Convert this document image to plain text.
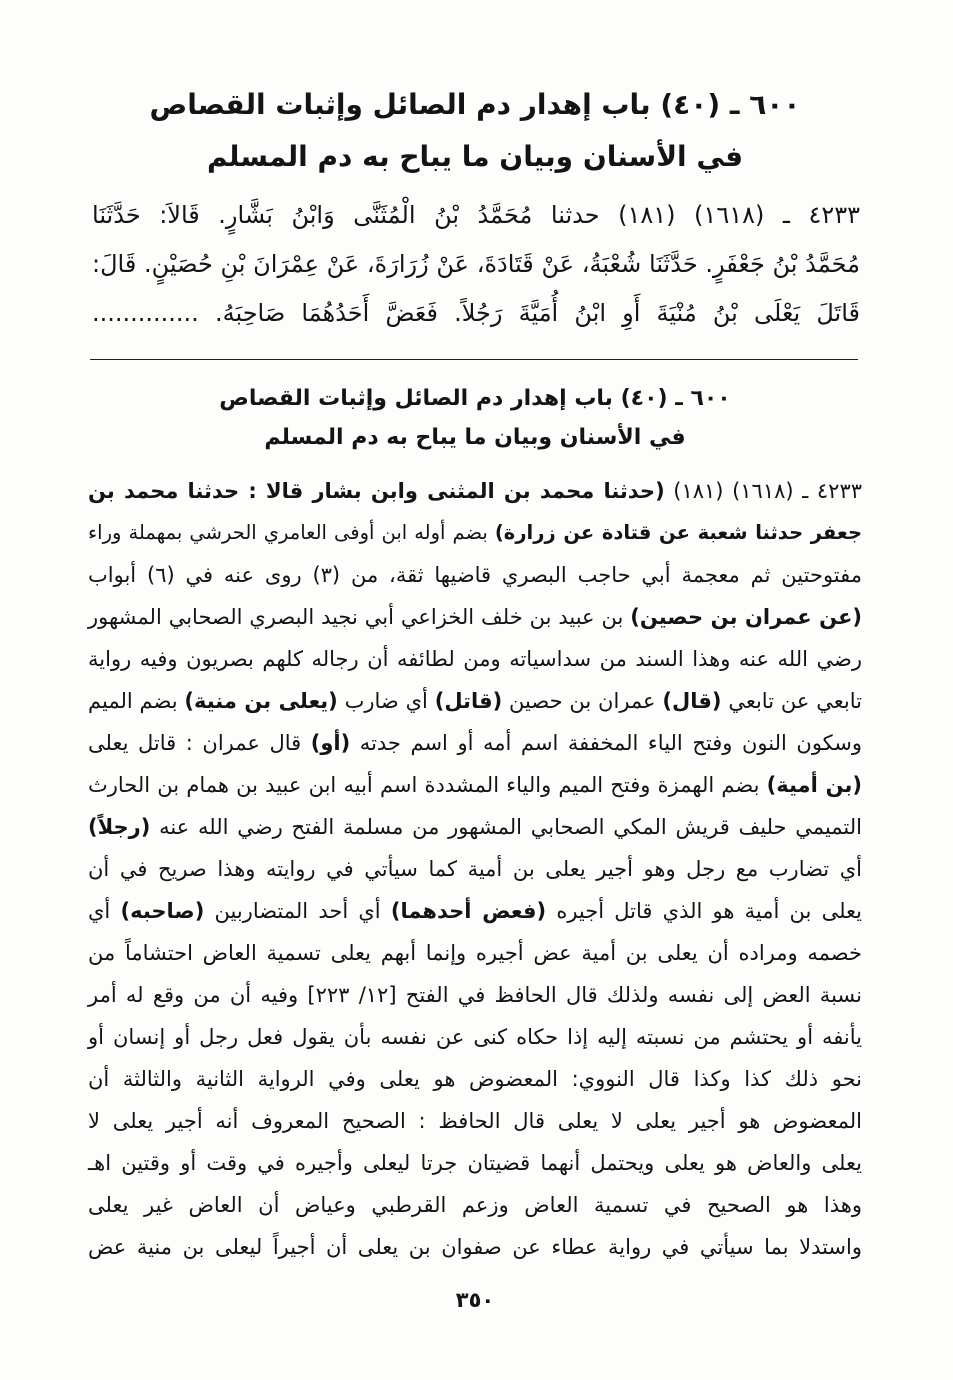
٦٠٠ ـ (٤٠) باب إهدار دم الصائل وإثبات القصاص
في الأسنان وبيان ما يباح به دم المسلم
٤٢٣٣ ـ (١٦١٨) (١٨١) حدثنا مُحَمَّدُ بْنُ الْمُثَنَّى وَابْنُ بَشَّارٍ. قَالاَ: حَدَّثَنَا
مُحَمَّدُ بْنُ جَعْفَرٍ. حَدَّثَنَا شُعْبَةُ، عَنْ قَتَادَةَ، عَنْ زُرَارَةَ، عَنْ عِمْرَانَ بْنِ حُصَيْنٍ. قَالَ:
قَاتَلَ يَعْلَى بْنُ مُنْيَةَ أَوِ ابْنُ أُمَيَّةَ رَجُلاً. فَعَضَّ أَحَدُهُمَا صَاحِبَهُ. ..............
٦٠٠ ـ (٤٠) باب إهدار دم الصائل وإثبات القصاص
في الأسنان وبيان ما يباح به دم المسلم
٤٢٣٣ ـ (١٦١٨) (١٨١) (حدثنا محمد بن المثنى وابن بشار قالا : حدثنا محمد بن
جعفر حدثنا شعبة عن قتادة عن زرارة) بضم أوله ابن أوفى العامري الحرشي بمهملة وراء
مفتوحتين ثم معجمة أبي حاجب البصري قاضيها ثقة، من (٣) روى عنه في (٦) أبواب
(عن عمران بن حصين) بن عبيد بن خلف الخزاعي أبي نجيد البصري الصحابي المشهور
رضي الله عنه وهذا السند من سداسياته ومن لطائفه أن رجاله كلهم بصريون وفيه رواية
تابعي عن تابعي (قال) عمران بن حصين (قاتل) أي ضارب (يعلى بن منية) بضم الميم
وسكون النون وفتح الياء المخففة اسم أمه أو اسم جدته (أو) قال عمران : قاتل يعلى
(بن أمية) بضم الهمزة وفتح الميم والياء المشددة اسم أبيه ابن عبيد بن همام بن الحارث
التميمي حليف قريش المكي الصحابي المشهور من مسلمة الفتح رضي الله عنه (رجلاً)
أي تضارب مع رجل وهو أجير يعلى بن أمية كما سيأتي في روايته وهذا صريح في أن
يعلى بن أمية هو الذي قاتل أجيره (فعض أحدهما) أي أحد المتضاربين (صاحبه) أي
خصمه ومراده أن يعلى بن أمية عض أجيره وإنما أبهم يعلى تسمية العاض احتشاماً من
نسبة العض إلى نفسه ولذلك قال الحافظ في الفتح [١٢/ ٢٢٣] وفيه أن من وقع له أمر
يأنفه أو يحتشم من نسبته إليه إذا حكاه كنى عن نفسه بأن يقول فعل رجل أو إنسان أو
نحو ذلك كذا وكذا قال النووي: المعضوض هو يعلى وفي الرواية الثانية والثالثة أن
المعضوض هو أجير يعلى لا يعلى قال الحافظ : الصحيح المعروف أنه أجير يعلى لا
يعلى والعاض هو يعلى ويحتمل أنهما قضيتان جرتا ليعلى وأجيره في وقت أو وقتين اهـ
وهذا هو الصحيح في تسمية العاض وزعم القرطبي وعياض أن العاض غير يعلى
واستدلا بما سيأتي في رواية عطاء عن صفوان بن يعلى أن أجيراً ليعلى بن منية عض
٣٥٠
